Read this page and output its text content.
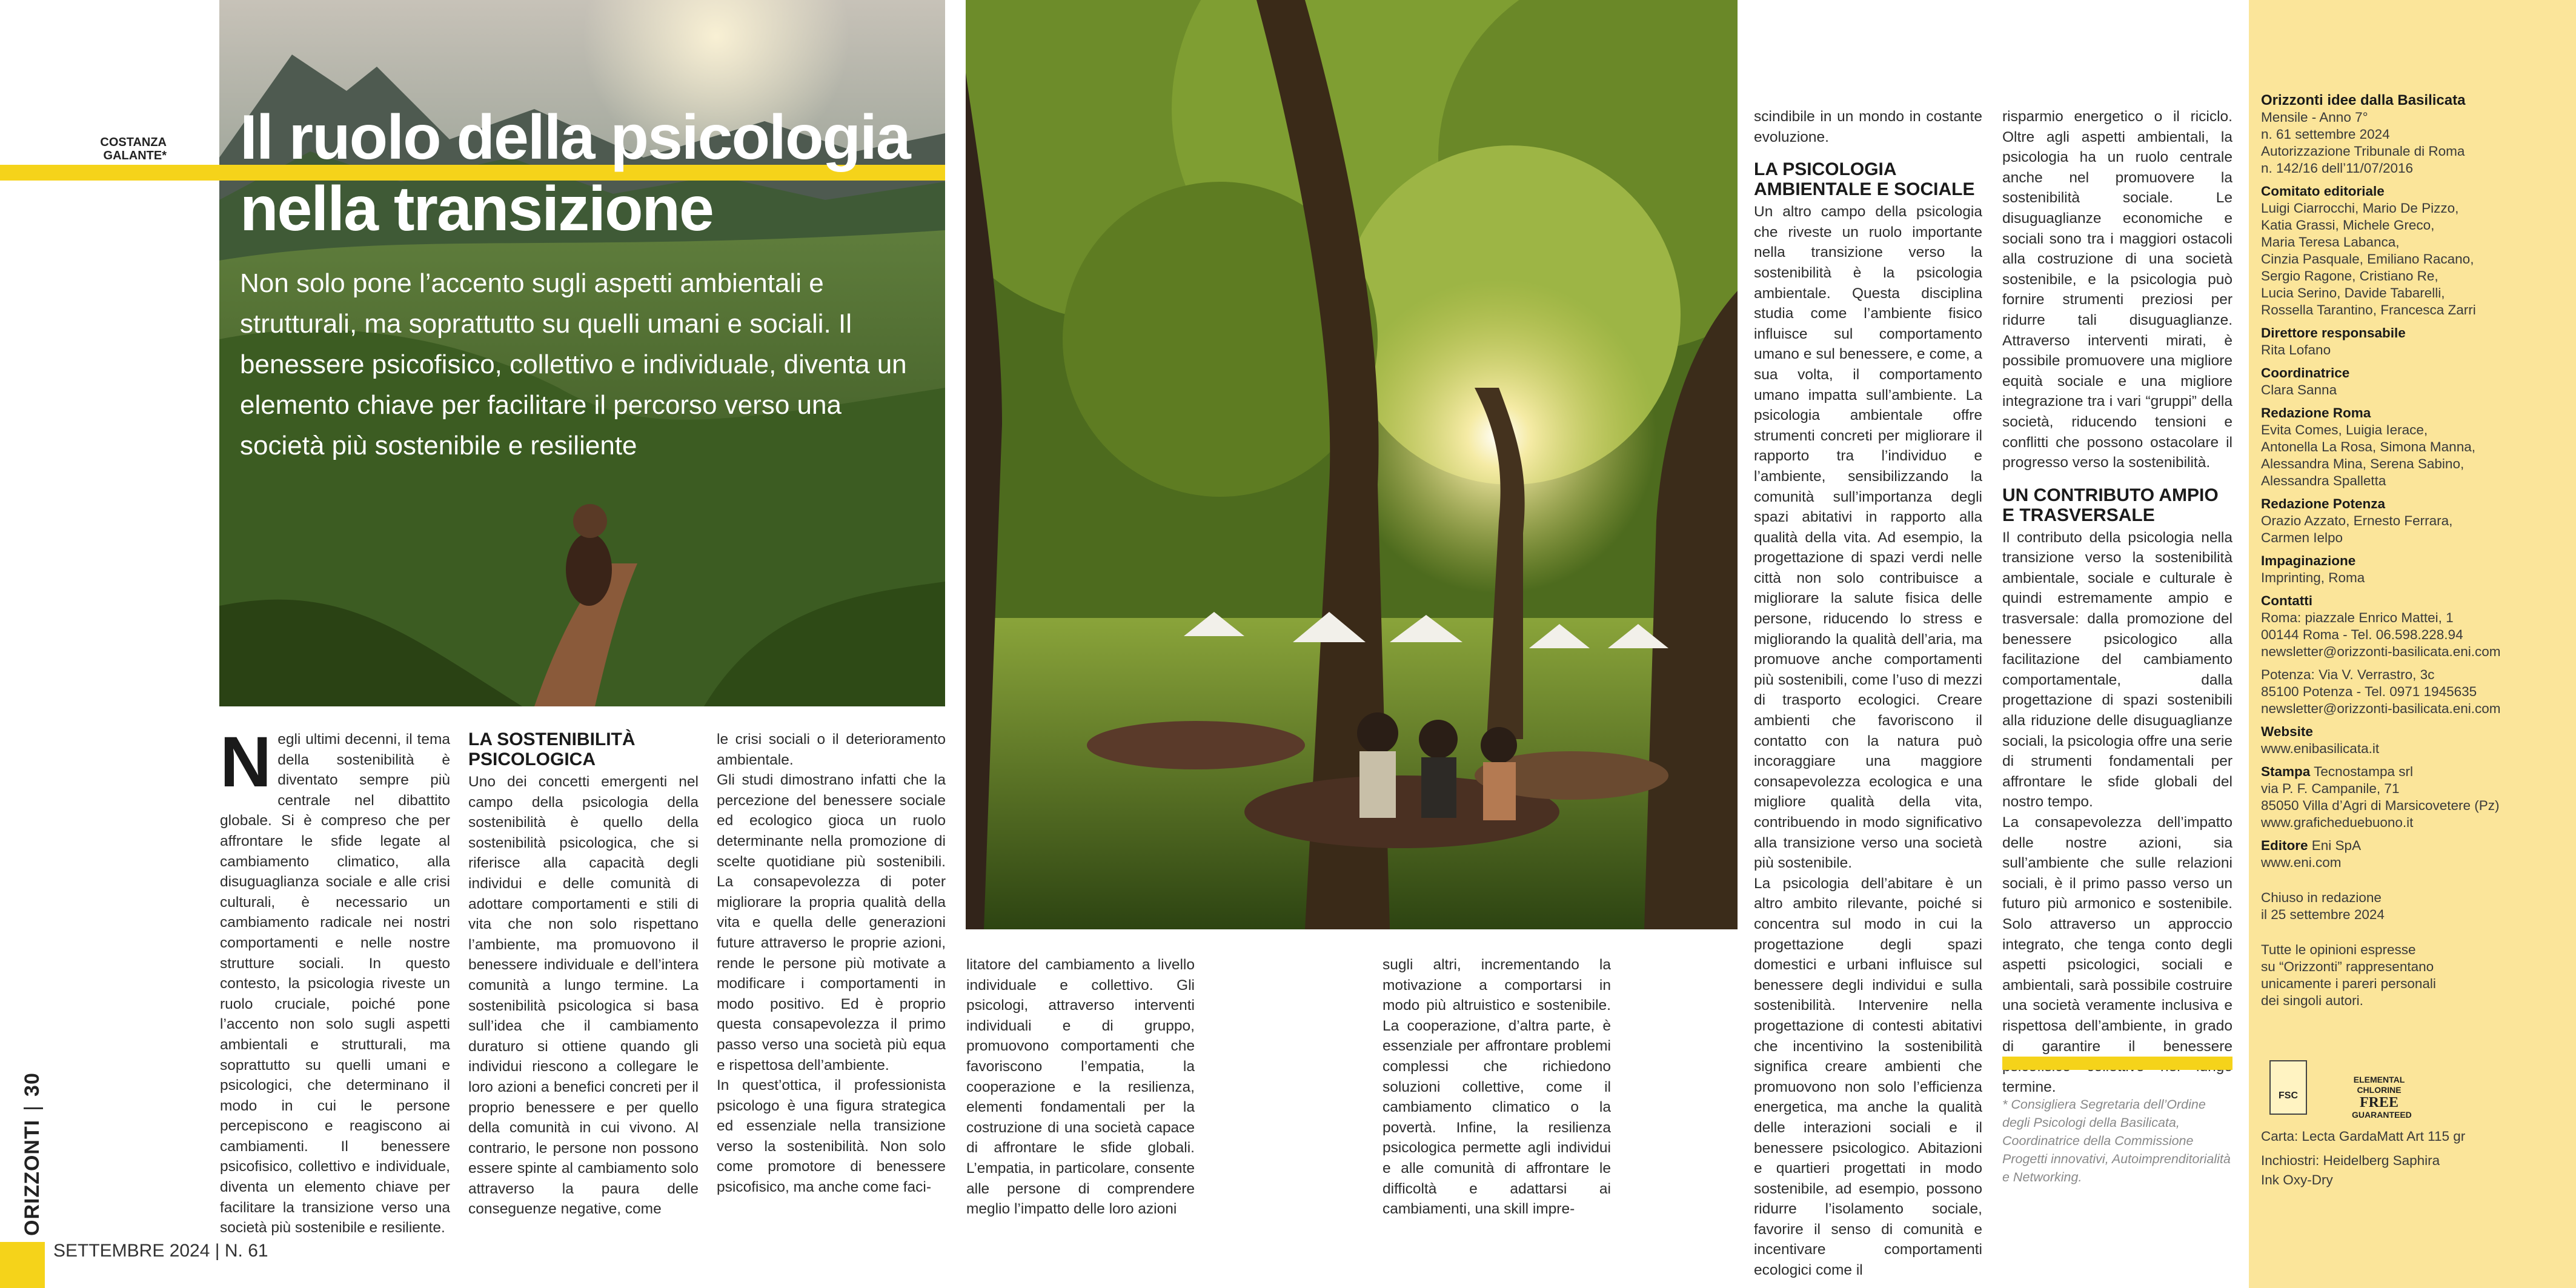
ORIZZONTI|30
SETTEMBRE 2024 | N. 61
COSTANZA GALANTE* Il ruolo della psicologia nella transizione
Non solo pone l’accento sugli aspetti ambientali e strutturali, ma soprattutto su quelli umani e sociali. Il benessere psicofisico, collettivo e individuale, diventa un elemento chiave per facilitare il percorso verso una società più sostenibile e resiliente
N egli ultimi decenni, il tema della sostenibilità è diventato sempre più centrale nel dibattito globale. Si è compreso che per affrontare le sfide legate al cambiamento climatico, alla disuguaglianza sociale e alle crisi culturali, è necessario un cambiamento radicale nei nostri comportamenti e nelle nostre strutture sociali. In questo contesto, la psicologia riveste un ruolo cruciale, poiché pone l’accento non solo sugli aspetti ambientali e strutturali, ma soprattutto su quelli umani e psicologici, che determinano il modo in cui le persone percepiscono e reagiscono ai cambiamenti. Il benessere psicofisico, collettivo e individuale, diventa un elemento chiave per facilitare la transizione verso una società più sostenibile e resiliente.

LA SOSTENIBILITÀ PSICOLOGICA

Uno dei concetti emergenti nel campo della psicologia della sostenibilità è quello della sostenibilità psicologica, che si riferisce alla capacità degli individui e delle comunità di adottare comportamenti e stili di vita che non solo rispettano l’ambiente, ma promuovono il benessere individuale e dell’intera comunità a lungo termine. La sostenibilità psicologica si basa sull’idea che il cambiamento duraturo si ottiene quando gli individui riescono a collegare le loro azioni a benefici concreti per il proprio benessere e per quello della comunità in cui vivono. Al contrario, le persone non possono essere spinte al cambiamento solo attraverso la paura delle conseguenze negative, come

le crisi sociali o il deterioramento ambientale.

Gli studi dimostrano infatti che la percezione del benessere sociale ed ecologico gioca un ruolo determinante nella promozione di scelte quotidiane più sostenibili. La consapevolezza di poter migliorare la propria qualità della vita e quella delle generazioni future attraverso le proprie azioni, rende le persone più motivate a modificare i comportamenti in modo positivo. Ed è proprio questa consapevolezza il primo passo verso una società più equa e rispettosa dell’ambiente.

In quest’ottica, il professionista psicologo è una figura strategica ed essenziale nella transizione verso la sostenibilità. Non solo come promotore di benessere psicofisico, ma anche come faci-

litatore del cambiamento a livello individuale e collettivo. Gli psicologi, attraverso interventi individuali e di gruppo, promuovono comportamenti che favoriscono l’empatia, la cooperazione e la resilienza, elementi fondamentali per la costruzione di una società capace di affrontare le sfide globali. L’empatia, in particolare, consente alle persone di comprendere meglio l’impatto delle loro azioni

sugli altri, incrementando la motivazione a comportarsi in modo più altruistico e sostenibile. La cooperazione, d’altra parte, è essenziale per affrontare problemi complessi che richiedono soluzioni collettive, come il cambiamento climatico o la povertà. Infine, la resilienza psicologica permette agli individui e alle comunità di affrontare le difficoltà e adattarsi ai cambiamenti, una skill impre-

scindibile in un mondo in costante evoluzione.

LA PSICOLOGIA AMBIENTALE E SOCIALE

Un altro campo della psicologia che riveste un ruolo importante nella transizione verso la sostenibilità è la psicologia ambientale. Questa disciplina studia come l’ambiente fisico influisce sul comportamento umano e sul benessere, e come, a sua volta, il comportamento umano impatta sull’ambiente. La psicologia ambientale offre strumenti concreti per migliorare il rapporto tra l’individuo e l’ambiente, sensibilizzando la comunità sull’importanza degli spazi abitativi in rapporto alla qualità della vita. Ad esempio, la progettazione di spazi verdi nelle città non solo contribuisce a migliorare la salute fisica delle persone, riducendo lo stress e migliorando la qualità dell’aria, ma promuove anche comportamenti più sostenibili, come l’uso di mezzi di trasporto ecologici. Creare ambienti che favoriscono il contatto con la natura può incoraggiare una maggiore consapevolezza ecologica e una migliore qualità della vita, contribuendo in modo significativo alla transizione verso una società più sostenibile.

La psicologia dell’abitare è un altro ambito rilevante, poiché si concentra sul modo in cui la progettazione degli spazi domestici e urbani influisce sul benessere degli individui e sulla sostenibilità. Intervenire nella progettazione di contesti abitativi che incentivino la sostenibilità significa creare ambienti che promuovono non solo l’efficienza energetica, ma anche la qualità delle interazioni sociali e il benessere psicologico. Abitazioni e quartieri progettati in modo sostenibile, ad esempio, possono ridurre l’isolamento sociale, favorire il senso di comunità e incentivare comportamenti ecologici come il

risparmio energetico o il riciclo. Oltre agli aspetti ambientali, la psicologia ha un ruolo centrale anche nel promuovere la sostenibilità sociale. Le disuguaglianze economiche e sociali sono tra i maggiori ostacoli alla costruzione di una società sostenibile, e la psicologia può fornire strumenti preziosi per ridurre tali disuguaglianze. Attraverso interventi mirati, è possibile promuovere una migliore equità sociale e una migliore integrazione tra i vari “gruppi” della società, riducendo tensioni e conflitti che possono ostacolare il progresso verso la sostenibilità.

UN CONTRIBUTO AMPIO E TRASVERSALE

Il contributo della psicologia nella transizione verso la sostenibilità ambientale, sociale e culturale è quindi estremamente ampio e trasversale: dalla promozione del benessere psicologico alla facilitazione del cambiamento comportamentale, dalla progettazione di spazi sostenibili alla riduzione delle disuguaglianze sociali, la psicologia offre una serie di strumenti fondamentali per affrontare le sfide globali del nostro tempo.

La consapevolezza dell’impatto delle nostre azioni, sia sull’ambiente che sulle relazioni sociali, è il primo passo verso un futuro più armonico e sostenibile. Solo attraverso un approccio integrato, che tenga conto degli aspetti psicologici, sociali e ambientali, sarà possibile costruire una società veramente inclusiva e rispettosa dell’ambiente, in grado di garantire il benessere termine.

* Consigliera Segretaria dell’Ordine degli Psicologi della Basilicata, Coordinatrice della Commissione Progetti innovativi, Autoimprenditorialità e Networking.
Orizzonti idee dalla Basilicata
Mensile - Anno 7°
n. 61 settembre 2024
Autorizzazione Tribunale di Roma
n. 142/16 dell’11/07/2016
Comitato editoriale
Luigi Ciarrocchi, Mario De Pizzo,
Katia Grassi, Michele Greco,
Maria Teresa Labanca,
Cinzia Pasquale, Emiliano Racano,
Sergio Ragone, Cristiano Re,
Lucia Serino, Davide Tabarelli,
Rossella Tarantino, Francesca Zarri
Direttore responsabile
Rita Lofano
Coordinatrice
Clara Sanna
Redazione Roma
Evita Comes, Luigia Ierace,
Antonella La Rosa, Simona Manna,
Alessandra Mina, Serena Sabino,
Alessandra Spalletta
Redazione Potenza
Orazio Azzato, Ernesto Ferrara,
Carmen Ielpo
Impaginazione
Imprinting, Roma
Contatti
Roma: piazzale Enrico Mattei, 1
00144 Roma - Tel. 06.598.228.94
newsletter@orizzonti-basilicata.eni.com
Potenza: Via V. Verrastro, 3c
85100 Potenza - Tel. 0971 1945635
newsletter@orizzonti-basilicata.eni.com
Website
www.enibasilicata.it
Stampa Tecnostampa srl
via P. F. Campanile, 71
85050 Villa d’Agri di Marsicovetere (Pz)
www.graficheduebuono.it
Editore Eni SpA
www.eni.com
Chiuso in redazione
il 25 settembre 2024
Tutte le opinioni espresse
su “Orizzonti” rappresentano
unicamente i pareri personali
dei singoli autori.
FSC
ELEMENTAL CHLORINE
FREE
GUARANTEED
Carta: Lecta GardaMatt Art 115 gr
Inchiostri: Heidelberg Saphira
Ink Oxy-Dry
